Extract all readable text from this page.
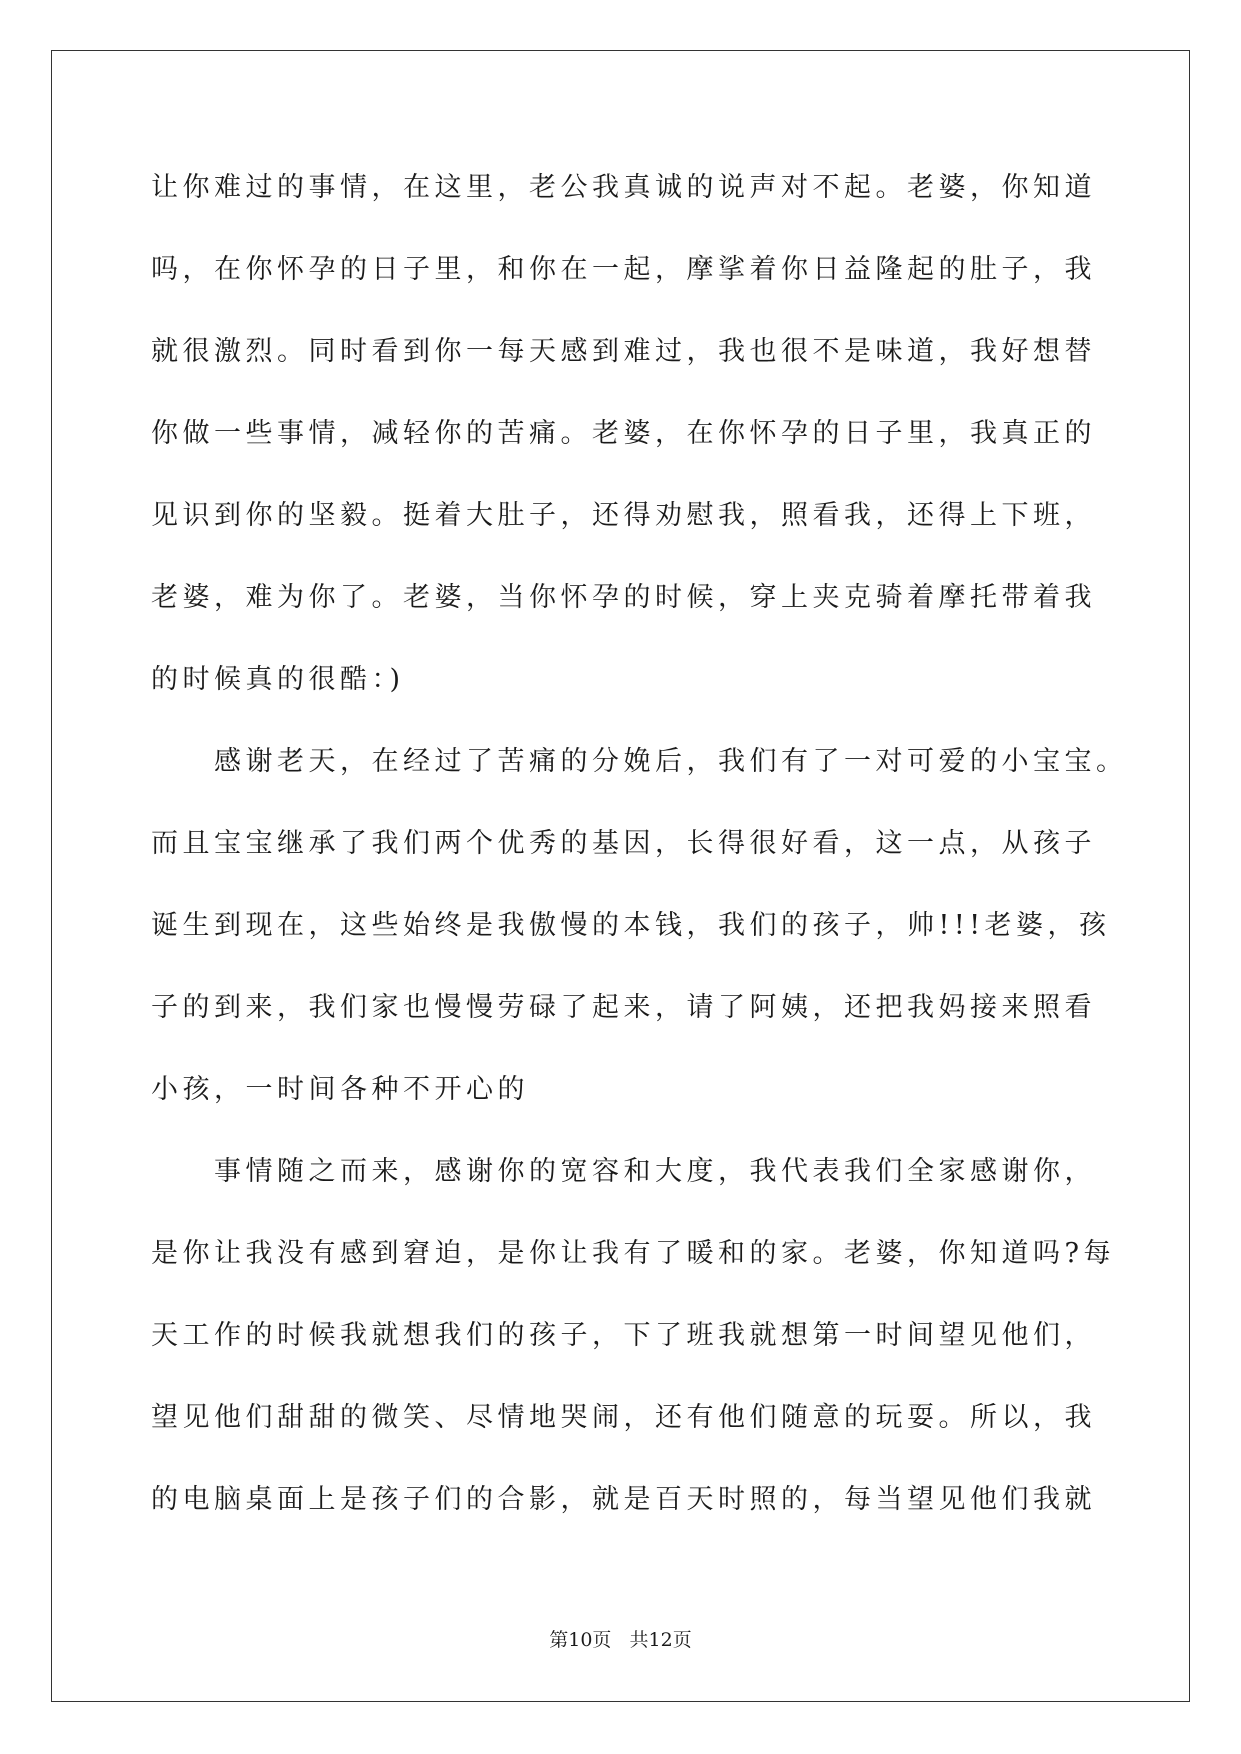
让你难过的事情，在这里，老公我真诚的说声对不起。老婆，你知道

吗，在你怀孕的日子里，和你在一起，摩挲着你日益隆起的肚子，我

就很激烈。同时看到你一每天感到难过，我也很不是味道，我好想替

你做一些事情，减轻你的苦痛。老婆，在你怀孕的日子里，我真正的

见识到你的坚毅。挺着大肚子，还得劝慰我，照看我，还得上下班，

老婆，难为你了。老婆，当你怀孕的时候，穿上夹克骑着摩托带着我

的时候真的很酷：)

　　感谢老天，在经过了苦痛的分娩后，我们有了一对可爱的小宝宝。

而且宝宝继承了我们两个优秀的基因，长得很好看，这一点，从孩子

诞生到现在，这些始终是我傲慢的本钱，我们的孩子，帅!!!老婆，孩

子的到来，我们家也慢慢劳碌了起来，请了阿姨，还把我妈接来照看

小孩，一时间各种不开心的

　　事情随之而来，感谢你的宽容和大度，我代表我们全家感谢你，

是你让我没有感到窘迫，是你让我有了暖和的家。老婆，你知道吗?每

天工作的时候我就想我们的孩子，下了班我就想第一时间望见他们，

望见他们甜甜的微笑、尽情地哭闹，还有他们随意的玩耍。所以，我

的电脑桌面上是孩子们的合影，就是百天时照的，每当望见他们我就

第10页   共12页
